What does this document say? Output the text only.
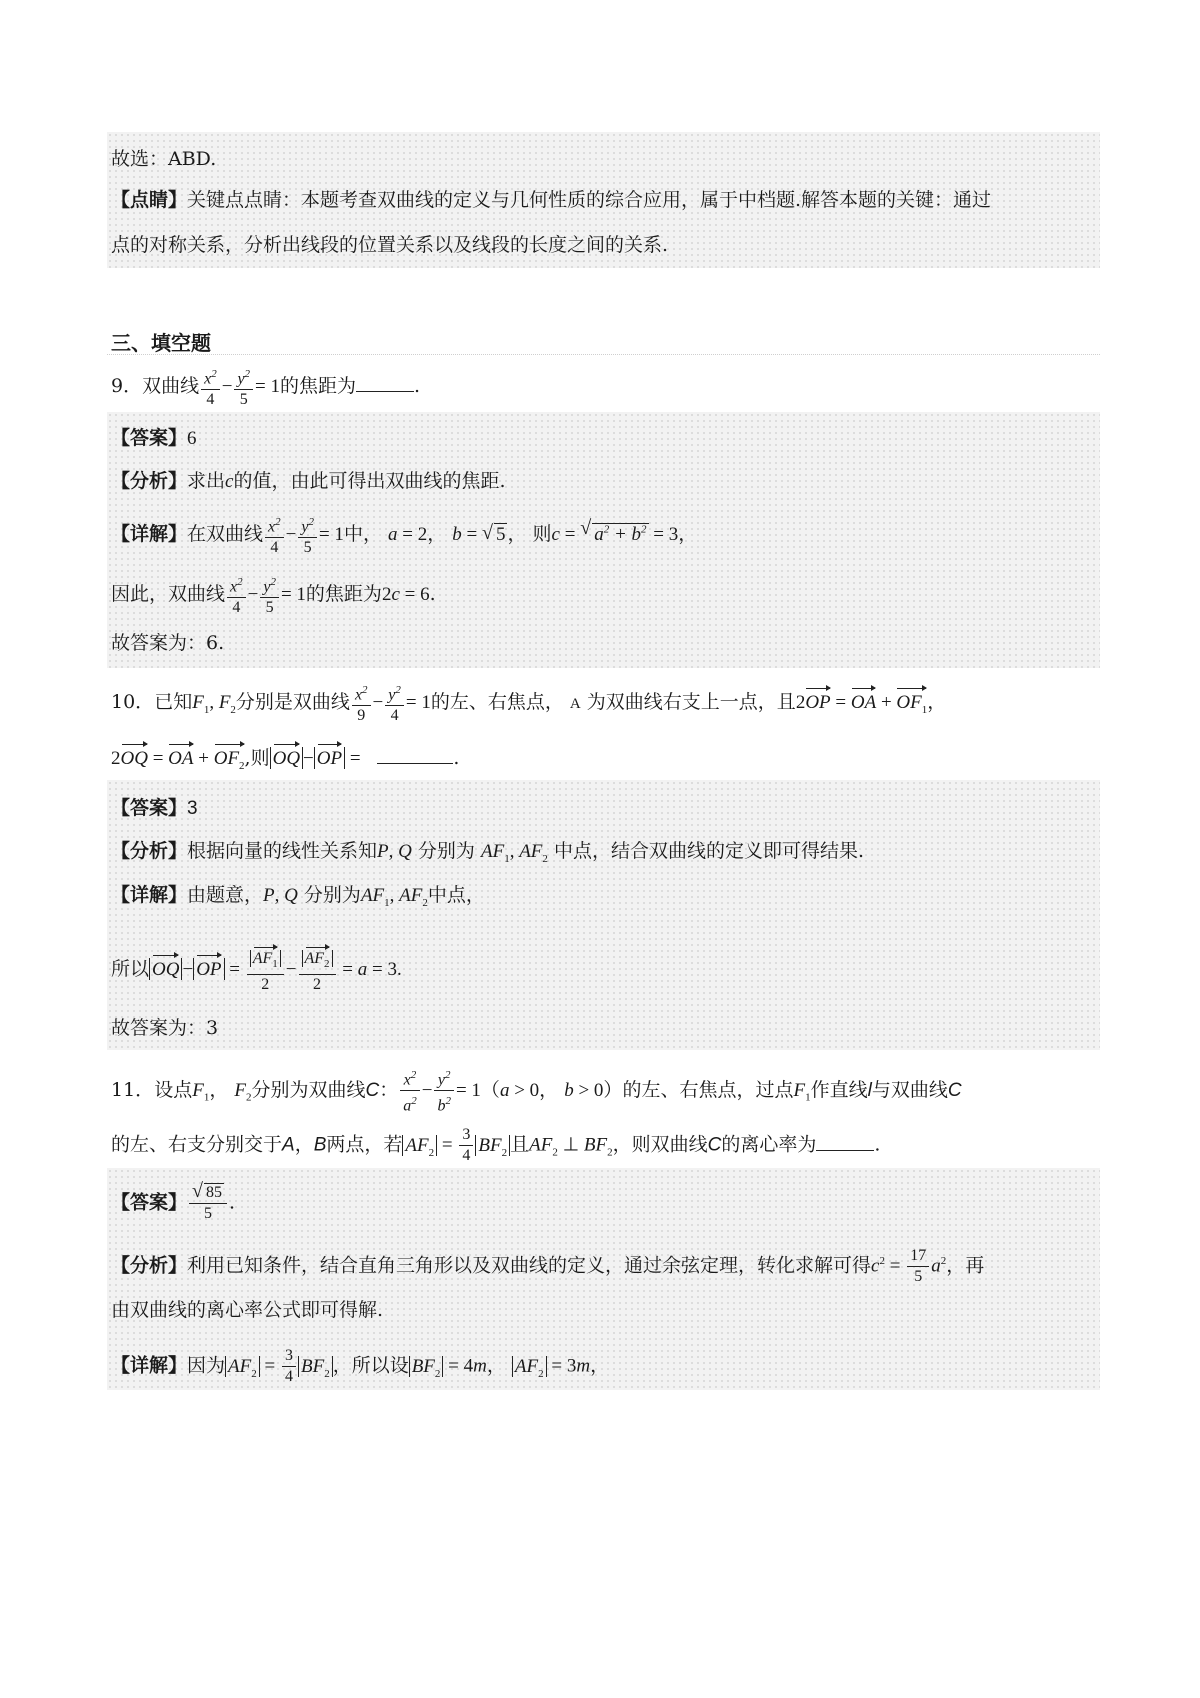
故选：ABD.
【点睛】关键点点睛：本题考查双曲线的定义与几何性质的综合应用，属于中档题.解答本题的关键：通过
点的对称关系，分析出线段的位置关系以及线段的长度之间的关系.
三、填空题
9．双曲线 $\frac{x^2}{4} - \frac{y^2}{5} = 1$的焦距为	.
【答案】6
【分析】求出c的值，由此可得出双曲线的焦距.
【详解】在双曲线 $\frac{x^2}{4} - \frac{y^2}{5} = 1$中， a = 2， b = √ 5 ， 则c = √ $a^2 + b^2 = 3$，
因此，双曲线 $\frac{x^2}{4} - \frac{y^2}{5} = 1$的焦距为2c = 6.
故答案为：6.
10．已知$F_1$, $F_2$分别是双曲线 $\frac{x^2}{9} - \frac{y^2}{4} = 1$的左、右焦点， A 为双曲线右支上一点，且2OP = OA + $OF_1$，
2OQ = OA + $OF_2$,则 OQ − OP =	.
【答案】3
【分析】根据向量的线性关系知P, Q 分别为 $AF_1$, $AF_2$ 中点，结合双曲线的定义即可得结果.
【详解】由题意，P, Q 分别为$AF_1$, $AF_2$中点，
所以 OQ − OP = $\frac{AF_1}{2} - \frac{AF_2}{2} = a = 3$.
故答案为：3
11．设点$F_1$， $F_2$分别为双曲线C： $\frac{x^2}{a^2} - \frac{y^2}{b^2} = 1(a > 0$， b > 0）的左、右焦点，过点$F_1$作直线l与双曲线C
的左、右支分别交于A，B两点，若 $AF_2 = \frac{3}{4} BF_2$ 且$AF_2$ ⊥ $BF_2$，则双曲线C的离心率为	.
【答案】
√ $\frac{85}{5}$ .
【分析】利用已知条件，结合直角三角形以及双曲线的定义，通过余弦定理，转化求解可得$c^2 = \frac{17}{5} a^2$，再
由双曲线的离心率公式即可得解.
【详解】因为 $AF_2 = \frac{3}{4} BF_2$ ，所以设 $BF_2 = 4m$， $AF_2 = 3m$，
